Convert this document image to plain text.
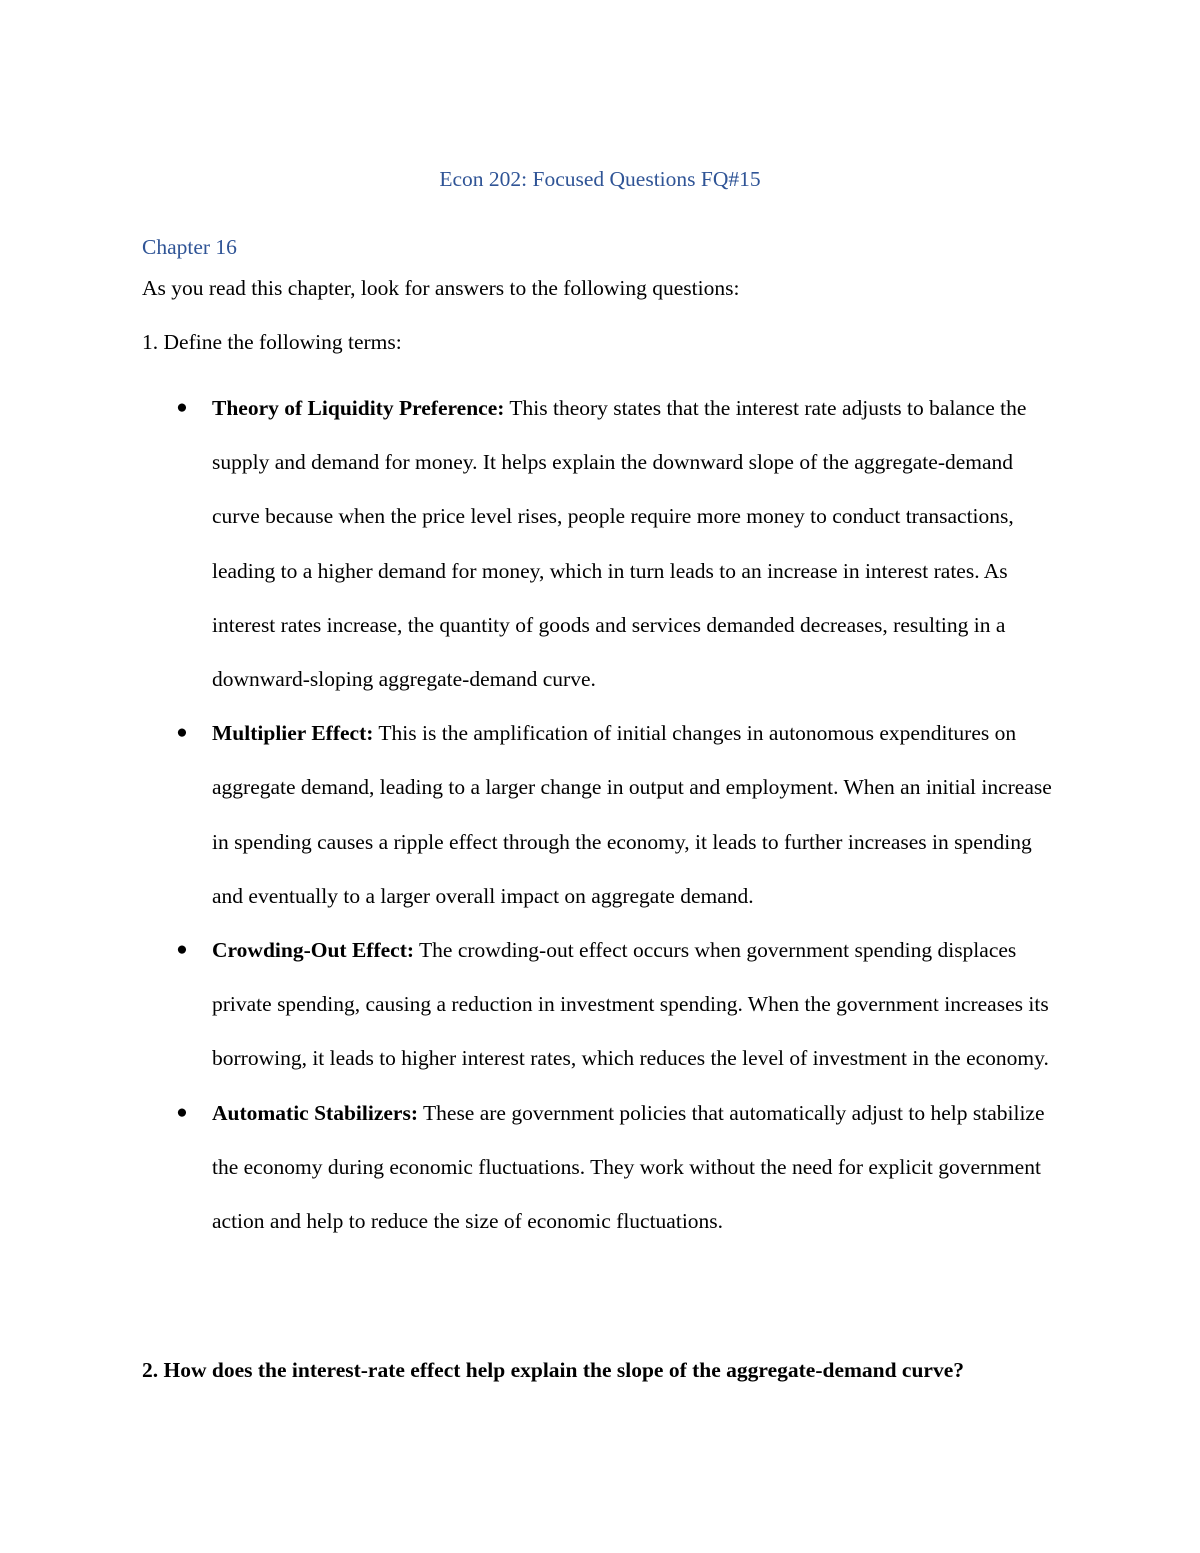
Econ 202: Focused Questions FQ#15
Chapter 16

As you read this chapter, look for answers to the following questions:

1. Define the following terms:

● Theory of Liquidity Preference: This theory states that the interest rate adjusts to balance the supply and demand for money. It helps explain the downward slope of the aggregate-demand curve because when the price level rises, people require more money to conduct transactions, leading to a higher demand for money, which in turn leads to an increase in interest rates. As interest rates increase, the quantity of goods and services demanded decreases, resulting in a downward-sloping aggregate-demand curve.
● Multiplier Effect: This is the amplification of initial changes in autonomous expenditures on aggregate demand, leading to a larger change in output and employment. When an initial increase in spending causes a ripple effect through the economy, it leads to further increases in spending and eventually to a larger overall impact on aggregate demand.
● Crowding-Out Effect: The crowding-out effect occurs when government spending displaces private spending, causing a reduction in investment spending. When the government increases its borrowing, it leads to higher interest rates, which reduces the level of investment in the economy.
● Automatic Stabilizers: These are government policies that automatically adjust to help stabilize the economy during economic fluctuations. They work without the need for explicit government action and help to reduce the size of economic fluctuations.

2. How does the interest-rate effect help explain the slope of the aggregate-demand curve?
